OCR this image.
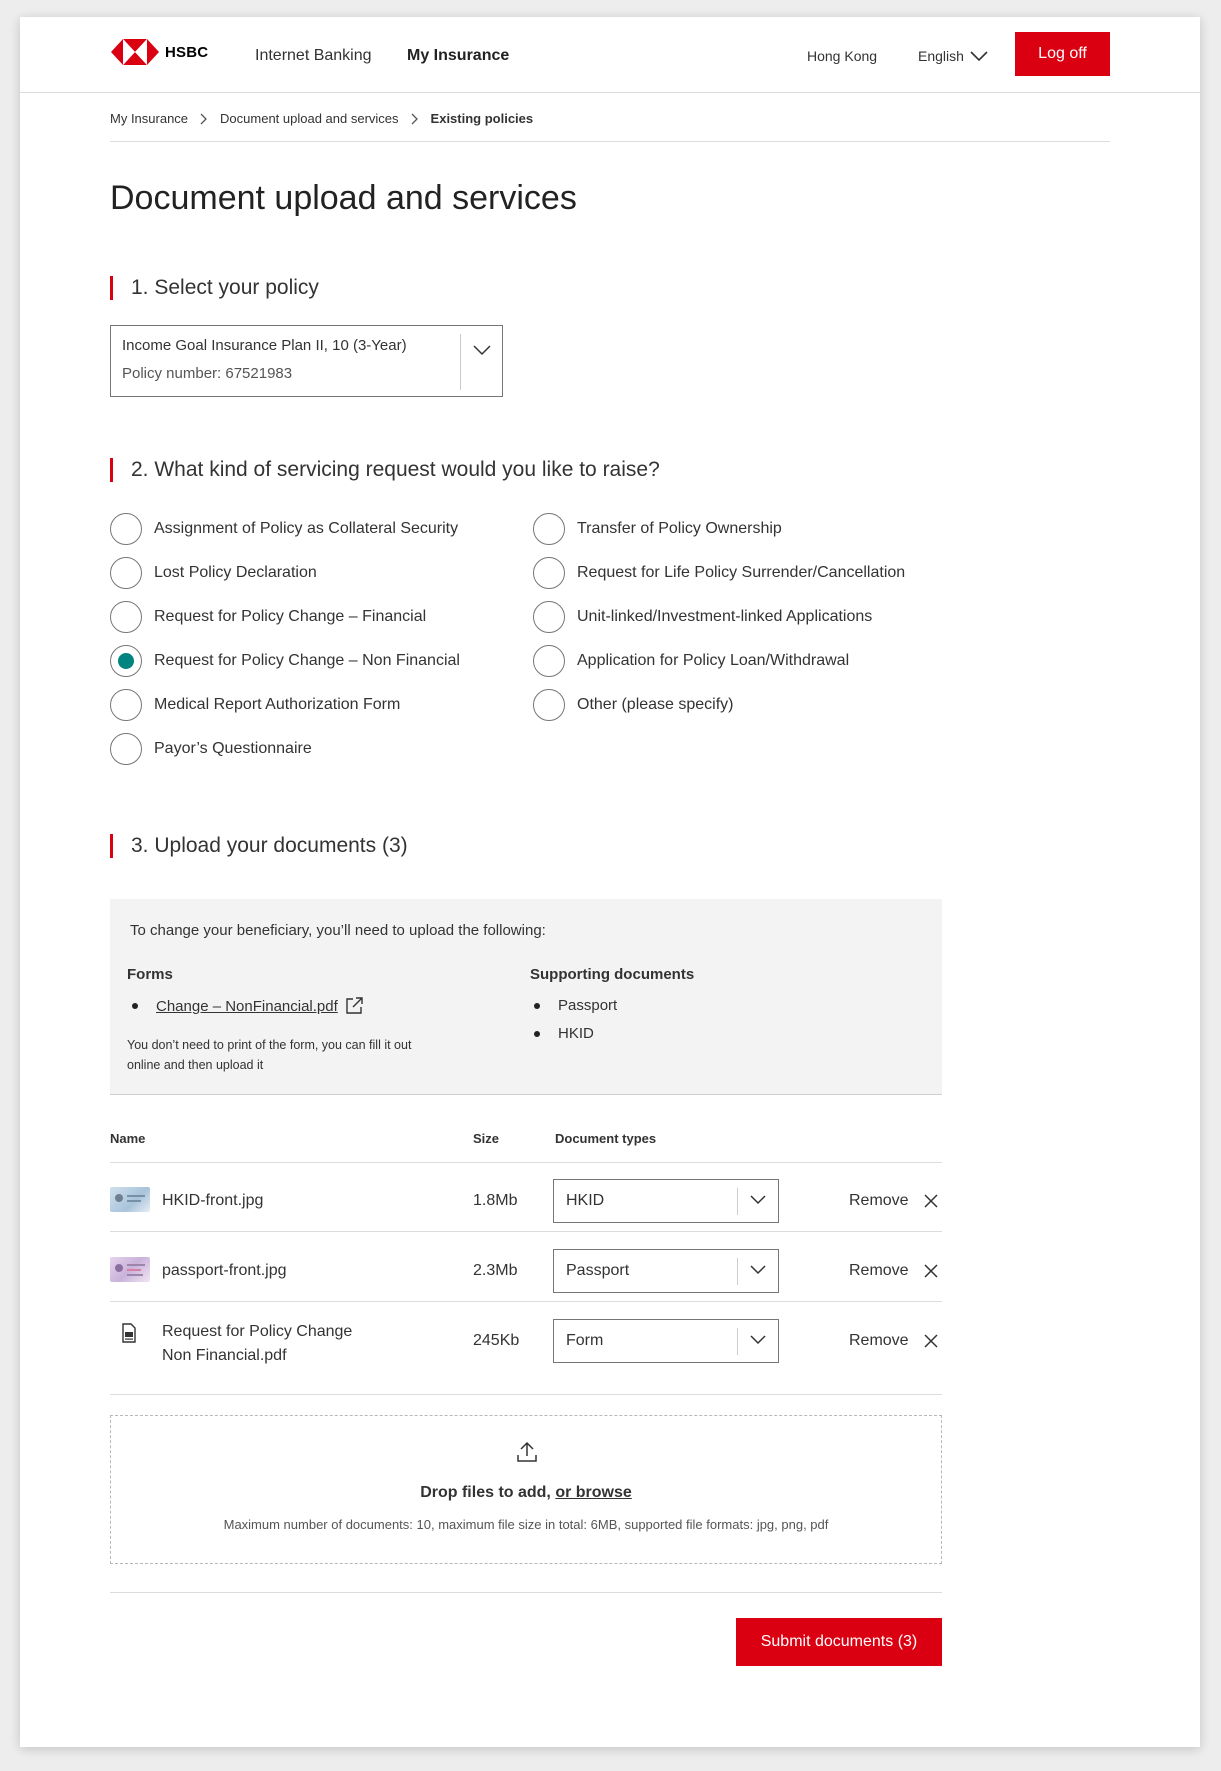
HSBC	Internet Banking My Insurance	Hong Kong	English	Log off
My Insurance Document upload and services Existing policies
Document upload and services
1. Select your policy
Income Goal Insurance Plan II, 10 (3-Year)
Policy number: 67521983
2. What kind of servicing request would you like to raise?
Assignment of Policy as Collateral Security
Lost Policy Declaration
Request for Policy Change – Financial
Request for Policy Change – Non Financial
Medical Report Authorization Form
Payor’s Questionnaire
Transfer of Policy Ownership
Request for Life Policy Surrender/Cancellation
Unit-linked/Investment-linked Applications
Application for Policy Loan/Withdrawal
Other (please specify)
3. Upload your documents (3)
To change your beneficiary, you’ll need to upload the following:
Forms
Change – NonFinancial.pdf
You don’t need to print of the form, you can fill it out online and then upload it
Supporting documents
Passport
HKID
Name	Size	Document types
HKID-front.jpg	1.8Mb	HKID	Remove
passport-front.jpg	2.3Mb	Passport	Remove
Request for Policy Change
Non Financial.pdf
245Kb	Form	Remove
Drop files to add, or browse
Maximum number of documents: 10, maximum file size in total: 6MB, supported file formats: jpg, png, pdf
Submit documents (3)
